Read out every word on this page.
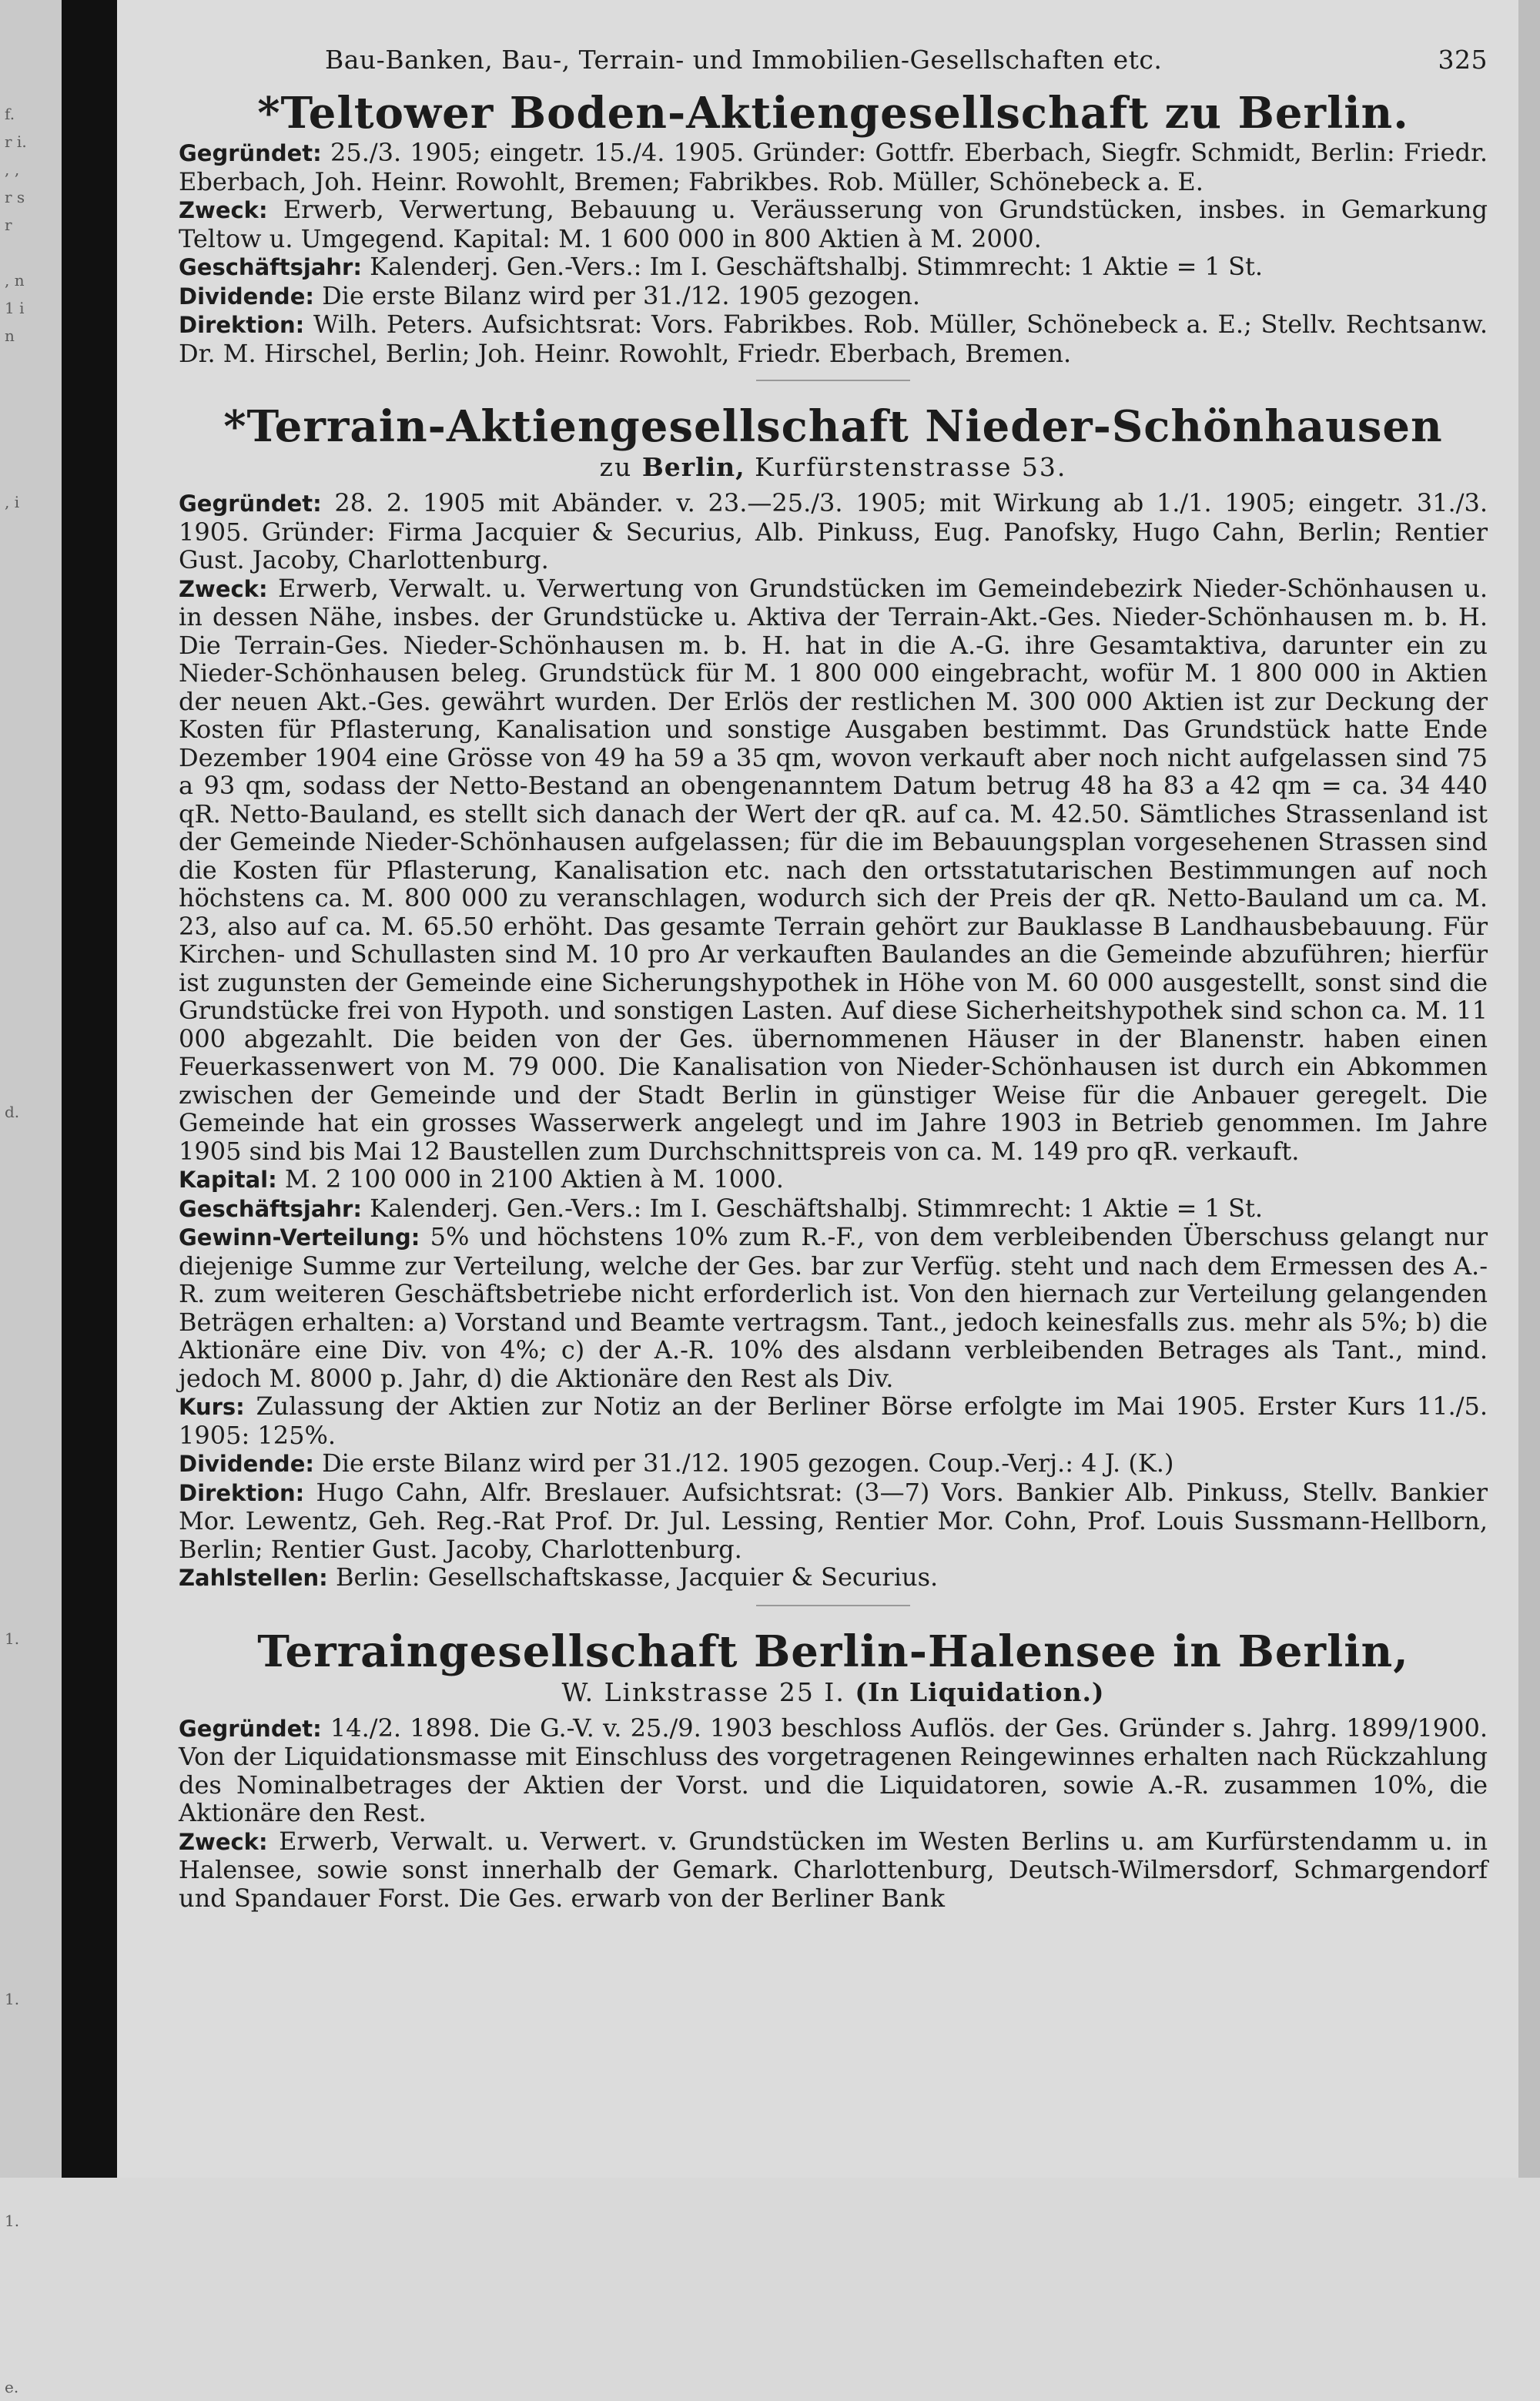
f.
r i.
, ‚
r s
r

, n
1 i
n

, i

d.

1.

1.

1.

e.
Bau-Banken, Bau-, Terrain- und Immobilien-Gesellschaften etc.	325
*Teltower Boden-Aktiengesellschaft zu Berlin.

Gegründet: 25./3. 1905; eingetr. 15./4. 1905. Gründer: Gottfr. Eberbach, Siegfr. Schmidt, Berlin: Friedr. Eberbach, Joh. Heinr. Rowohlt, Bremen; Fabrikbes. Rob. Müller, Schönebeck a. E.

Zweck: Erwerb, Verwertung, Bebauung u. Veräusserung von Grundstücken, insbes. in Gemarkung Teltow u. Umgegend. Kapital: M. 1 600 000 in 800 Aktien à M. 2000.

Geschäftsjahr: Kalenderj. Gen.-Vers.: Im I. Geschäftshalbj. Stimmrecht: 1 Aktie = 1 St.

Dividende: Die erste Bilanz wird per 31./12. 1905 gezogen.

Direktion: Wilh. Peters. Aufsichtsrat: Vors. Fabrikbes. Rob. Müller, Schönebeck a. E.; Stellv. Rechtsanw. Dr. M. Hirschel, Berlin; Joh. Heinr. Rowohlt, Friedr. Eberbach, Bremen.

*Terrain-Aktiengesellschaft Nieder-Schönhausen
zu Berlin, Kurfürstenstrasse 53.

Gegründet: 28. 2. 1905 mit Abänder. v. 23.—25./3. 1905; mit Wirkung ab 1./1. 1905; eingetr. 31./3. 1905. Gründer: Firma Jacquier & Securius, Alb. Pinkuss, Eug. Panofsky, Hugo Cahn, Berlin; Rentier Gust. Jacoby, Charlottenburg.

Zweck: Erwerb, Verwalt. u. Verwertung von Grundstücken im Gemeindebezirk Nieder-Schönhausen u. in dessen Nähe, insbes. der Grundstücke u. Aktiva der Terrain-Akt.-Ges. Nieder-Schönhausen m. b. H. Die Terrain-Ges. Nieder-Schönhausen m. b. H. hat in die A.-G. ihre Gesamtaktiva, darunter ein zu Nieder-Schönhausen beleg. Grundstück für M. 1 800 000 eingebracht, wofür M. 1 800 000 in Aktien der neuen Akt.-Ges. gewährt wurden. Der Erlös der restlichen M. 300 000 Aktien ist zur Deckung der Kosten für Pflasterung, Kanalisation und sonstige Ausgaben bestimmt. Das Grundstück hatte Ende Dezember 1904 eine Grösse von 49 ha 59 a 35 qm, wovon verkauft aber noch nicht aufgelassen sind 75 a 93 qm, sodass der Netto-Bestand an obengenanntem Datum betrug 48 ha 83 a 42 qm = ca. 34 440 qR. Netto-Bauland, es stellt sich danach der Wert der qR. auf ca. M. 42.50. Sämtliches Strassenland ist der Gemeinde Nieder-Schönhausen aufgelassen; für die im Bebauungsplan vorgesehenen Strassen sind die Kosten für Pflasterung, Kanalisation etc. nach den ortsstatutarischen Bestimmungen auf noch höchstens ca. M. 800 000 zu veranschlagen, wodurch sich der Preis der qR. Netto-Bauland um ca. M. 23, also auf ca. M. 65.50 erhöht. Das gesamte Terrain gehört zur Bauklasse B Landhausbebauung. Für Kirchen- und Schullasten sind M. 10 pro Ar verkauften Baulandes an die Gemeinde abzuführen; hierfür ist zugunsten der Gemeinde eine Sicherungshypothek in Höhe von M. 60 000 ausgestellt, sonst sind die Grundstücke frei von Hypoth. und sonstigen Lasten. Auf diese Sicherheitshypothek sind schon ca. M. 11 000 abgezahlt. Die beiden von der Ges. übernommenen Häuser in der Blanenstr. haben einen Feuerkassenwert von M. 79 000. Die Kanalisation von Nieder-Schönhausen ist durch ein Abkommen zwischen der Gemeinde und der Stadt Berlin in günstiger Weise für die Anbauer geregelt. Die Gemeinde hat ein grosses Wasserwerk angelegt und im Jahre 1903 in Betrieb genommen. Im Jahre 1905 sind bis Mai 12 Baustellen zum Durchschnittspreis von ca. M. 149 pro qR. verkauft.

Kapital: M. 2 100 000 in 2100 Aktien à M. 1000.

Geschäftsjahr: Kalenderj. Gen.-Vers.: Im I. Geschäftshalbj. Stimmrecht: 1 Aktie = 1 St.

Gewinn-Verteilung: 5% und höchstens 10% zum R.-F., von dem verbleibenden Überschuss gelangt nur diejenige Summe zur Verteilung, welche der Ges. bar zur Verfüg. steht und nach dem Ermessen des A.-R. zum weiteren Geschäftsbetriebe nicht erforderlich ist. Von den hiernach zur Verteilung gelangenden Beträgen erhalten: a) Vorstand und Beamte vertragsm. Tant., jedoch keinesfalls zus. mehr als 5%; b) die Aktionäre eine Div. von 4%; c) der A.-R. 10% des alsdann verbleibenden Betrages als Tant., mind. jedoch M. 8000 p. Jahr, d) die Aktionäre den Rest als Div.

Kurs: Zulassung der Aktien zur Notiz an der Berliner Börse erfolgte im Mai 1905. Erster Kurs 11./5. 1905: 125%.

Dividende: Die erste Bilanz wird per 31./12. 1905 gezogen. Coup.-Verj.: 4 J. (K.)

Direktion: Hugo Cahn, Alfr. Breslauer. Aufsichtsrat: (3—7) Vors. Bankier Alb. Pinkuss, Stellv. Bankier Mor. Lewentz, Geh. Reg.-Rat Prof. Dr. Jul. Lessing, Rentier Mor. Cohn, Prof. Louis Sussmann-Hellborn, Berlin; Rentier Gust. Jacoby, Charlottenburg.

Zahlstellen: Berlin: Gesellschaftskasse, Jacquier & Securius.

Terraingesellschaft Berlin-Halensee in Berlin,
W. Linkstrasse 25 I. (In Liquidation.)

Gegründet: 14./2. 1898. Die G.-V. v. 25./9. 1903 beschloss Auflös. der Ges. Gründer s. Jahrg. 1899/1900. Von der Liquidationsmasse mit Einschluss des vorgetragenen Reingewinnes erhalten nach Rückzahlung des Nominalbetrages der Aktien der Vorst. und die Liquidatoren, sowie A.-R. zusammen 10%, die Aktionäre den Rest.

Zweck: Erwerb, Verwalt. u. Verwert. v. Grundstücken im Westen Berlins u. am Kurfürstendamm u. in Halensee, sowie sonst innerhalb der Gemark. Charlottenburg, Deutsch-Wilmersdorf, Schmargendorf und Spandauer Forst. Die Ges. erwarb von der Berliner Bank
